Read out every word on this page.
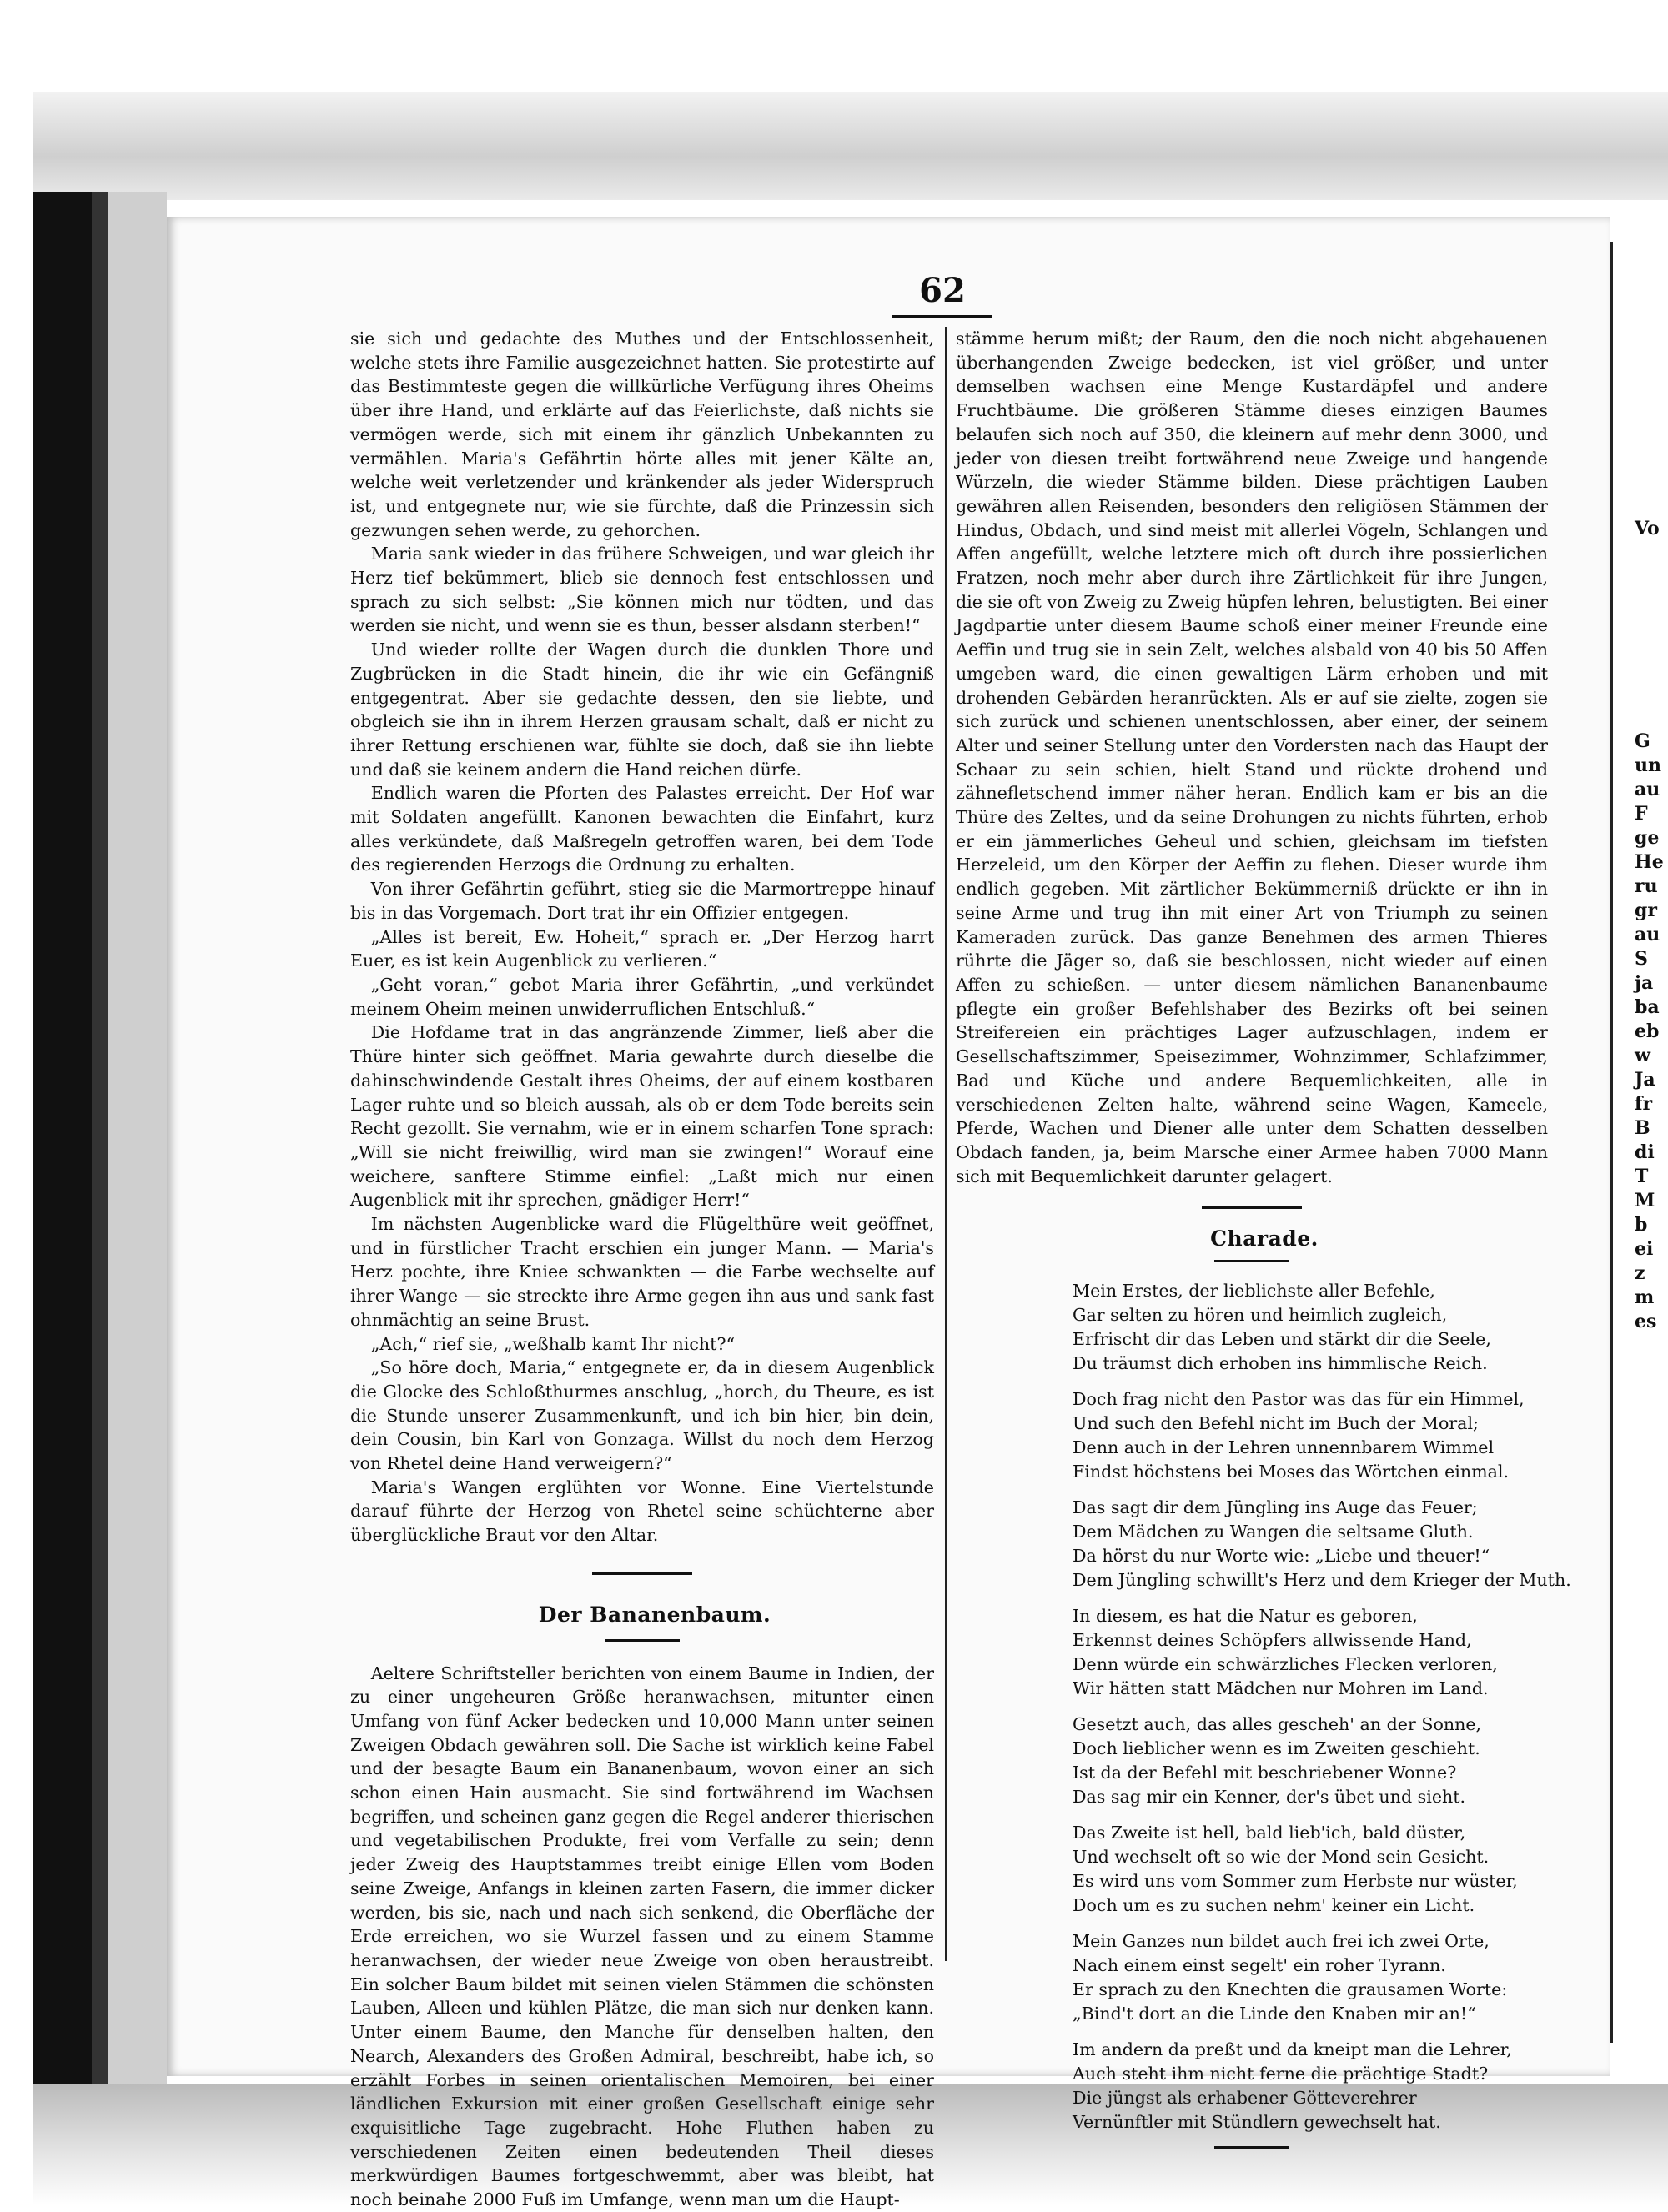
62

sie sich und gedachte des Muthes und der Entschlossenheit, welche stets ihre Familie ausgezeichnet hatten. Sie protestirte auf das Bestimmteste gegen die willkürliche Verfügung ihres Oheims über ihre Hand, und erklärte auf das Feierlichste, daß nichts sie vermögen werde, sich mit einem ihr gänzlich Unbekannten zu vermählen. Maria's Gefährtin hörte alles mit jener Kälte an, welche weit verletzender und kränkender als jeder Widerspruch ist, und entgegnete nur, wie sie fürchte, daß die Prinzessin sich gezwungen sehen werde, zu gehorchen.

Maria sank wieder in das frühere Schweigen, und war gleich ihr Herz tief bekümmert, blieb sie dennoch fest entschlossen und sprach zu sich selbst: „Sie können mich nur tödten, und das werden sie nicht, und wenn sie es thun, besser alsdann sterben!“

Und wieder rollte der Wagen durch die dunklen Thore und Zugbrücken in die Stadt hinein, die ihr wie ein Gefängniß entgegentrat. Aber sie gedachte dessen, den sie liebte, und obgleich sie ihn in ihrem Herzen grausam schalt, daß er nicht zu ihrer Rettung erschienen war, fühlte sie doch, daß sie ihn liebte und daß sie keinem andern die Hand reichen dürfe.

Endlich waren die Pforten des Palastes erreicht. Der Hof war mit Soldaten angefüllt. Kanonen bewachten die Einfahrt, kurz alles verkündete, daß Maßregeln getroffen waren, bei dem Tode des regierenden Herzogs die Ordnung zu erhalten.

Von ihrer Gefährtin geführt, stieg sie die Marmortreppe hinauf bis in das Vorgemach. Dort trat ihr ein Offizier entgegen.

„Alles ist bereit, Ew. Hoheit,“ sprach er. „Der Herzog harrt Euer, es ist kein Augenblick zu verlieren.“

„Geht voran,“ gebot Maria ihrer Gefährtin, „und verkündet meinem Oheim meinen unwiderruflichen Entschluß.“

Die Hofdame trat in das angränzende Zimmer, ließ aber die Thüre hinter sich geöffnet. Maria gewahrte durch dieselbe die dahinschwindende Gestalt ihres Oheims, der auf einem kostbaren Lager ruhte und so bleich aussah, als ob er dem Tode bereits sein Recht gezollt. Sie vernahm, wie er in einem scharfen Tone sprach: „Will sie nicht freiwillig, wird man sie zwingen!“ Worauf eine weichere, sanftere Stimme einfiel: „Laßt mich nur einen Augenblick mit ihr sprechen, gnädiger Herr!“

Im nächsten Augenblicke ward die Flügelthüre weit geöffnet, und in fürstlicher Tracht erschien ein junger Mann. — Maria's Herz pochte, ihre Kniee schwankten — die Farbe wechselte auf ihrer Wange — sie streckte ihre Arme gegen ihn aus und sank fast ohnmächtig an seine Brust.

„Ach,“ rief sie, „weßhalb kamt Ihr nicht?“

„So höre doch, Maria,“ entgegnete er, da in diesem Augenblick die Glocke des Schloßthurmes anschlug, „horch, du Theure, es ist die Stunde unserer Zusammenkunft, und ich bin hier, bin dein, dein Cousin, bin Karl von Gonzaga. Willst du noch dem Herzog von Rhetel deine Hand verweigern?“

Maria's Wangen erglühten vor Wonne. Eine Viertelstunde darauf führte der Herzog von Rhetel seine schüchterne aber überglückliche Braut vor den Altar.

Der Bananenbaum.

Aeltere Schriftsteller berichten von einem Baume in Indien, der zu einer ungeheuren Größe heranwachsen, mitunter einen Umfang von fünf Acker bedecken und 10,000 Mann unter seinen Zweigen Obdach gewähren soll. Die Sache ist wirklich keine Fabel und der besagte Baum ein Bananenbaum, wovon einer an sich schon einen Hain ausmacht. Sie sind fortwährend im Wachsen begriffen, und scheinen ganz gegen die Regel anderer thierischen und vegetabilischen Produkte, frei vom Verfalle zu sein; denn jeder Zweig des Hauptstammes treibt einige Ellen vom Boden seine Zweige, Anfangs in kleinen zarten Fasern, die immer dicker werden, bis sie, nach und nach sich senkend, die Oberfläche der Erde erreichen, wo sie Wurzel fassen und zu einem Stamme heranwachsen, der wieder neue Zweige von oben heraustreibt. Ein solcher Baum bildet mit seinen vielen Stämmen die schönsten Lauben, Alleen und kühlen Plätze, die man sich nur denken kann. Unter einem Baume, den Manche für denselben halten, den Nearch, Alexanders des Großen Admiral, beschreibt, habe ich, so erzählt Forbes in seinen orientalischen Memoiren, bei einer ländlichen Exkursion mit einer großen Gesellschaft einige sehr exquisitliche Tage zugebracht. Hohe Fluthen haben zu verschiedenen Zeiten einen bedeutenden Theil dieses merkwürdigen Baumes fortgeschwemmt, aber was bleibt, hat noch beinahe 2000 Fuß im Umfange, wenn man um die Haupt-

stämme herum mißt; der Raum, den die noch nicht abgehauenen überhangenden Zweige bedecken, ist viel größer, und unter demselben wachsen eine Menge Kustardäpfel und andere Fruchtbäume. Die größeren Stämme dieses einzigen Baumes belaufen sich noch auf 350, die kleinern auf mehr denn 3000, und jeder von diesen treibt fortwährend neue Zweige und hangende Würzeln, die wieder Stämme bilden. Diese prächtigen Lauben gewähren allen Reisenden, besonders den religiösen Stämmen der Hindus, Obdach, und sind meist mit allerlei Vögeln, Schlangen und Affen angefüllt, welche letztere mich oft durch ihre possierlichen Fratzen, noch mehr aber durch ihre Zärtlichkeit für ihre Jungen, die sie oft von Zweig zu Zweig hüpfen lehren, belustigten. Bei einer Jagdpartie unter diesem Baume schoß einer meiner Freunde eine Aeffin und trug sie in sein Zelt, welches alsbald von 40 bis 50 Affen umgeben ward, die einen gewaltigen Lärm erhoben und mit drohenden Gebärden heranrückten. Als er auf sie zielte, zogen sie sich zurück und schienen unentschlossen, aber einer, der seinem Alter und seiner Stellung unter den Vordersten nach das Haupt der Schaar zu sein schien, hielt Stand und rückte drohend und zähnefletschend immer näher heran. Endlich kam er bis an die Thüre des Zeltes, und da seine Drohungen zu nichts führten, erhob er ein jämmerliches Geheul und schien, gleichsam im tiefsten Herzeleid, um den Körper der Aeffin zu flehen. Dieser wurde ihm endlich gegeben. Mit zärtlicher Bekümmerniß drückte er ihn in seine Arme und trug ihn mit einer Art von Triumph zu seinen Kameraden zurück. Das ganze Benehmen des armen Thieres rührte die Jäger so, daß sie beschlossen, nicht wieder auf einen Affen zu schießen. — unter diesem nämlichen Bananenbaume pflegte ein großer Befehlshaber des Bezirks oft bei seinen Streifereien ein prächtiges Lager aufzuschlagen, indem er Gesellschaftszimmer, Speisezimmer, Wohnzimmer, Schlafzimmer, Bad und Küche und andere Bequemlichkeiten, alle in verschiedenen Zelten halte, während seine Wagen, Kameele, Pferde, Wachen und Diener alle unter dem Schatten desselben Obdach fanden, ja, beim Marsche einer Armee haben 7000 Mann sich mit Bequemlichkeit darunter gelagert.

Charade.

Mein Erstes, der lieblichste aller Befehle,
Gar selten zu hören und heimlich zugleich,
Erfrischt dir das Leben und stärkt dir die Seele,
Du träumst dich erhoben ins himmlische Reich.
Doch frag nicht den Pastor was das für ein Himmel,
Und such den Befehl nicht im Buch der Moral;
Denn auch in der Lehren unnennbarem Wimmel
Findst höchstens bei Moses das Wörtchen einmal.
Das sagt dir dem Jüngling ins Auge das Feuer;
Dem Mädchen zu Wangen die seltsame Gluth.
Da hörst du nur Worte wie: „Liebe und theuer!“
Dem Jüngling schwillt's Herz und dem Krieger der Muth.
In diesem, es hat die Natur es geboren,
Erkennst deines Schöpfers allwissende Hand,
Denn würde ein schwärzliches Flecken verloren,
Wir hätten statt Mädchen nur Mohren im Land.
Gesetzt auch, das alles gescheh' an der Sonne,
Doch lieblicher wenn es im Zweiten geschieht.
Ist da der Befehl mit beschriebener Wonne?
Das sag mir ein Kenner, der's übet und sieht.
Das Zweite ist hell, bald lieb'ich, bald düster,
Und wechselt oft so wie der Mond sein Gesicht.
Es wird uns vom Sommer zum Herbste nur wüster,
Doch um es zu suchen nehm' keiner ein Licht.
Mein Ganzes nun bildet auch frei ich zwei Orte,
Nach einem einst segelt' ein roher Tyrann.
Er sprach zu den Knechten die grausamen Worte:
„Bind't dort an die Linde den Knaben mir an!“
Im andern da preßt und da kneipt man die Lehrer,
Auch steht ihm nicht ferne die prächtige Stadt?
Die jüngst als erhabener Götteverehrer
Vernünftler mit Stündlern gewechselt hat.
Vo
G
un
au
F
ge
He
ru
gr
au
S
ja
ba
eb
w
Ja
fr
B
di
T
M
b
ei
z
m
es
